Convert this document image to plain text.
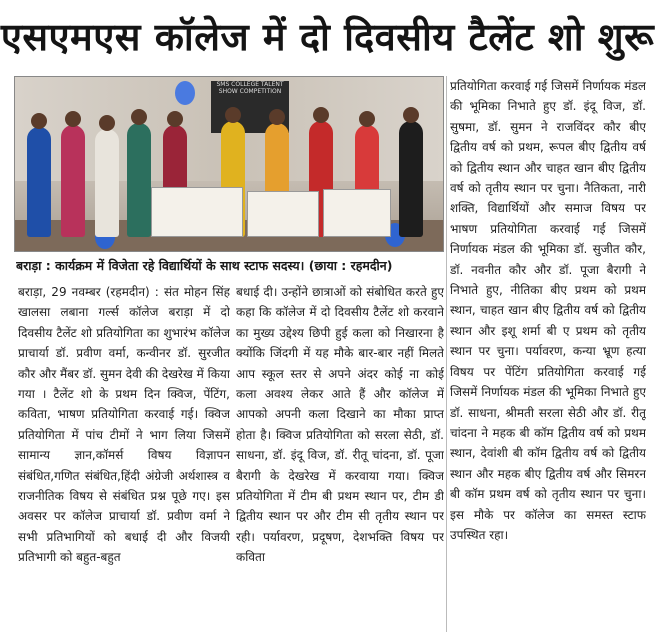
एसएमएस कॉलेज में दो दिवसीय टैलेंट शो शुरू
SMS COLLEGE TALENT SHOW COMPETITION
बराड़ा : कार्यक्रम में विजेता रहे विद्यार्थियों के साथ स्टाफ सदस्य। (छाया : रहमदीन)

बराड़ा, 29 नवम्बर (रहमदीन) : संत मोहन सिंह खालसा लबाना गर्ल्स कॉलेज बराड़ा में दो दिवसीय टैलेंट शो प्रतियोगिता का शुभारंभ कॉलेज प्राचार्या डॉ. प्रवीण वर्मा, कन्वीनर डॉ. सुरजीत कौर और मैंबर डॉ. सुमन देवी की देखरेख में किया गया । टैलेंट शो के प्रथम दिन क्विज, पेंटिंग, कविता, भाषण प्रतियोगिता करवाई गई। क्विज प्रतियोगिता में पांच टीमों ने भाग लिया जिसमें सामान्य ज्ञान,कॉमर्स विषय विज्ञापन संबंधित,गणित संबंधित,हिंदी अंग्रेजी अर्थशास्त्र व राजनीतिक विषय से संबंधित प्रश्न पूछे गए। इस अवसर पर कॉलेज प्राचार्या डॉ. प्रवीण वर्मा ने सभी प्रतिभागियों को बधाई दी और विजयी प्रतिभागी को बहुत-बहुत

बधाई दी। उन्होंने छात्राओं को संबोधित करते हुए कहा कि कॉलेज में दो दिवसीय टैलेंट शो करवाने का मुख्य उद्देश्य छिपी हुई कला को निखारना है क्योंकि जिंदगी में यह मौके बार-बार नहीं मिलते आप स्कूल स्तर से अपने अंदर कोई ना कोई कला अवश्य लेकर आते हैं और कॉलेज में आपको अपनी कला दिखाने का मौका प्राप्त होता है। क्विज प्रतियोगिता को सरला सेठी, डॉ. साधना, डॉ. इंदू विज, डॉ. रीतू चांदना, डॉ. पूजा बैरागी के देखरेख में करवाया गया। क्विज प्रतियोगिता में टीम बी प्रथम स्थान पर, टीम डी द्वितीय स्थान पर और टीम सी तृतीय स्थान पर रही। पर्यावरण, प्रदूषण, देशभक्ति विषय पर कविता

प्रतियोगिता करवाई गई जिसमें निर्णायक मंडल की भूमिका निभाते हुए डॉ. इंदू विज, डॉ. सुषमा, डॉ. सुमन ने राजविंदर कौर बीए द्वितीय वर्ष को प्रथम, रूपल बीए द्वितीय वर्ष को द्वितीय स्थान और चाहत खान बीए द्वितीय वर्ष को तृतीय स्थान पर चुना। नैतिकता, नारी शक्ति, विद्यार्थियों और समाज विषय पर भाषण प्रतियोगिता करवाई गई जिसमें निर्णायक मंडल की भूमिका डॉ. सुजीत कौर, डॉ. नवनीत कौर और डॉ. पूजा बैरागी ने निभाते हुए, नीतिका बीए प्रथम को प्रथम स्थान, चाहत खान बीए द्वितीय वर्ष को द्वितीय स्थान और इशू शर्मा बी ए प्रथम को तृतीय स्थान पर चुना। पर्यावरण, कन्या भ्रूण हत्या विषय पर पेंटिंग प्रतियोगिता करवाई गई जिसमें निर्णायक मंडल की भूमिका निभाते हुए डॉ. साधना, श्रीमती सरला सेठी और डॉ. रीतू चांदना ने महक बी कॉम द्वितीय वर्ष को प्रथम स्थान, देवांशी बी कॉम द्वितीय वर्ष को द्वितीय स्थान और महक बीए द्वितीय वर्ष और सिमरन बी कॉम प्रथम वर्ष को तृतीय स्थान पर चुना। इस मौके पर कॉलेज का समस्त स्टाफ उपस्थित रहा।
